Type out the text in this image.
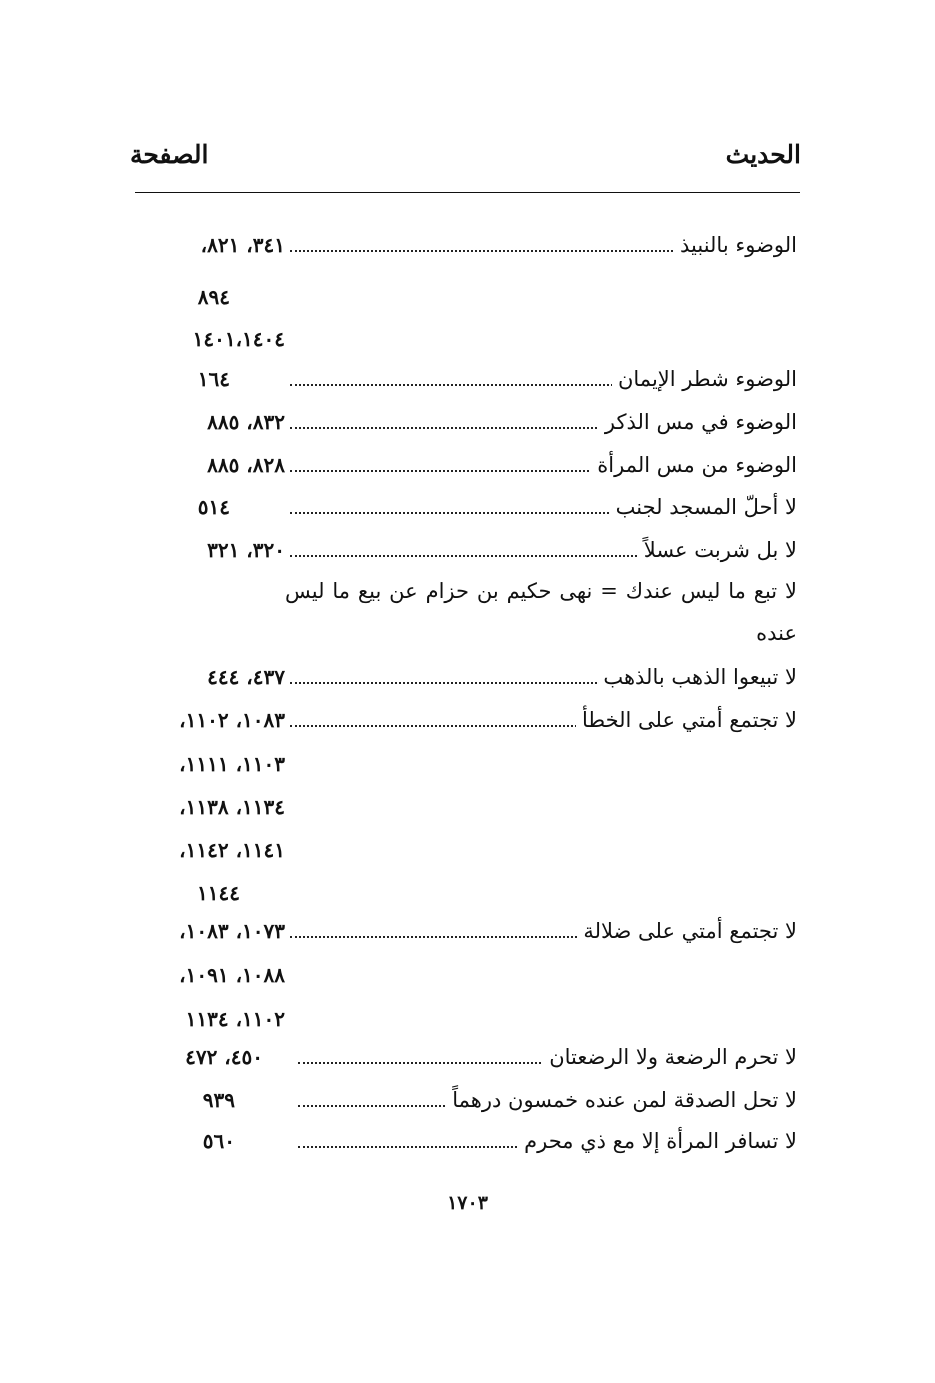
الحديث
الصفحة
الوضوء بالنبيذ
٣٤١، ٨٢١،
٨٩٤
١٤٠١،١٤٠٤
الوضوء شطر الإيمان
١٦٤
الوضوء في مس الذكر
٨٣٢، ٨٨٥
الوضوء من مس المرأة
٨٢٨، ٨٨٥
لا أحلّ المسجد لجنب
٥١٤
لا بل شربت عسلاً
٣٢٠، ٣٢١
لا تبع ما ليس عندك = نهى حكيم بن حزام عن بيع ما ليس عنده
لا تبيعوا الذهب بالذهب
٤٣٧، ٤٤٤
لا تجتمع أمتي على الخطأ
١٠٨٣، ١١٠٢،
١١٠٣، ١١١١،
١١٣٤، ١١٣٨،
١١٤١، ١١٤٢،
١١٤٤
لا تجتمع أمتي على ضلالة
١٠٧٣، ١٠٨٣،
١٠٨٨، ١٠٩١،
١١٠٢، ١١٣٤
لا تحرم الرضعة ولا الرضعتان
٤٥٠، ٤٧٢
لا تحل الصدقة لمن عنده خمسون درهماً
٩٣٩
لا تسافر المرأة إلا مع ذي محرم
٥٦٠
١٧٠٣
